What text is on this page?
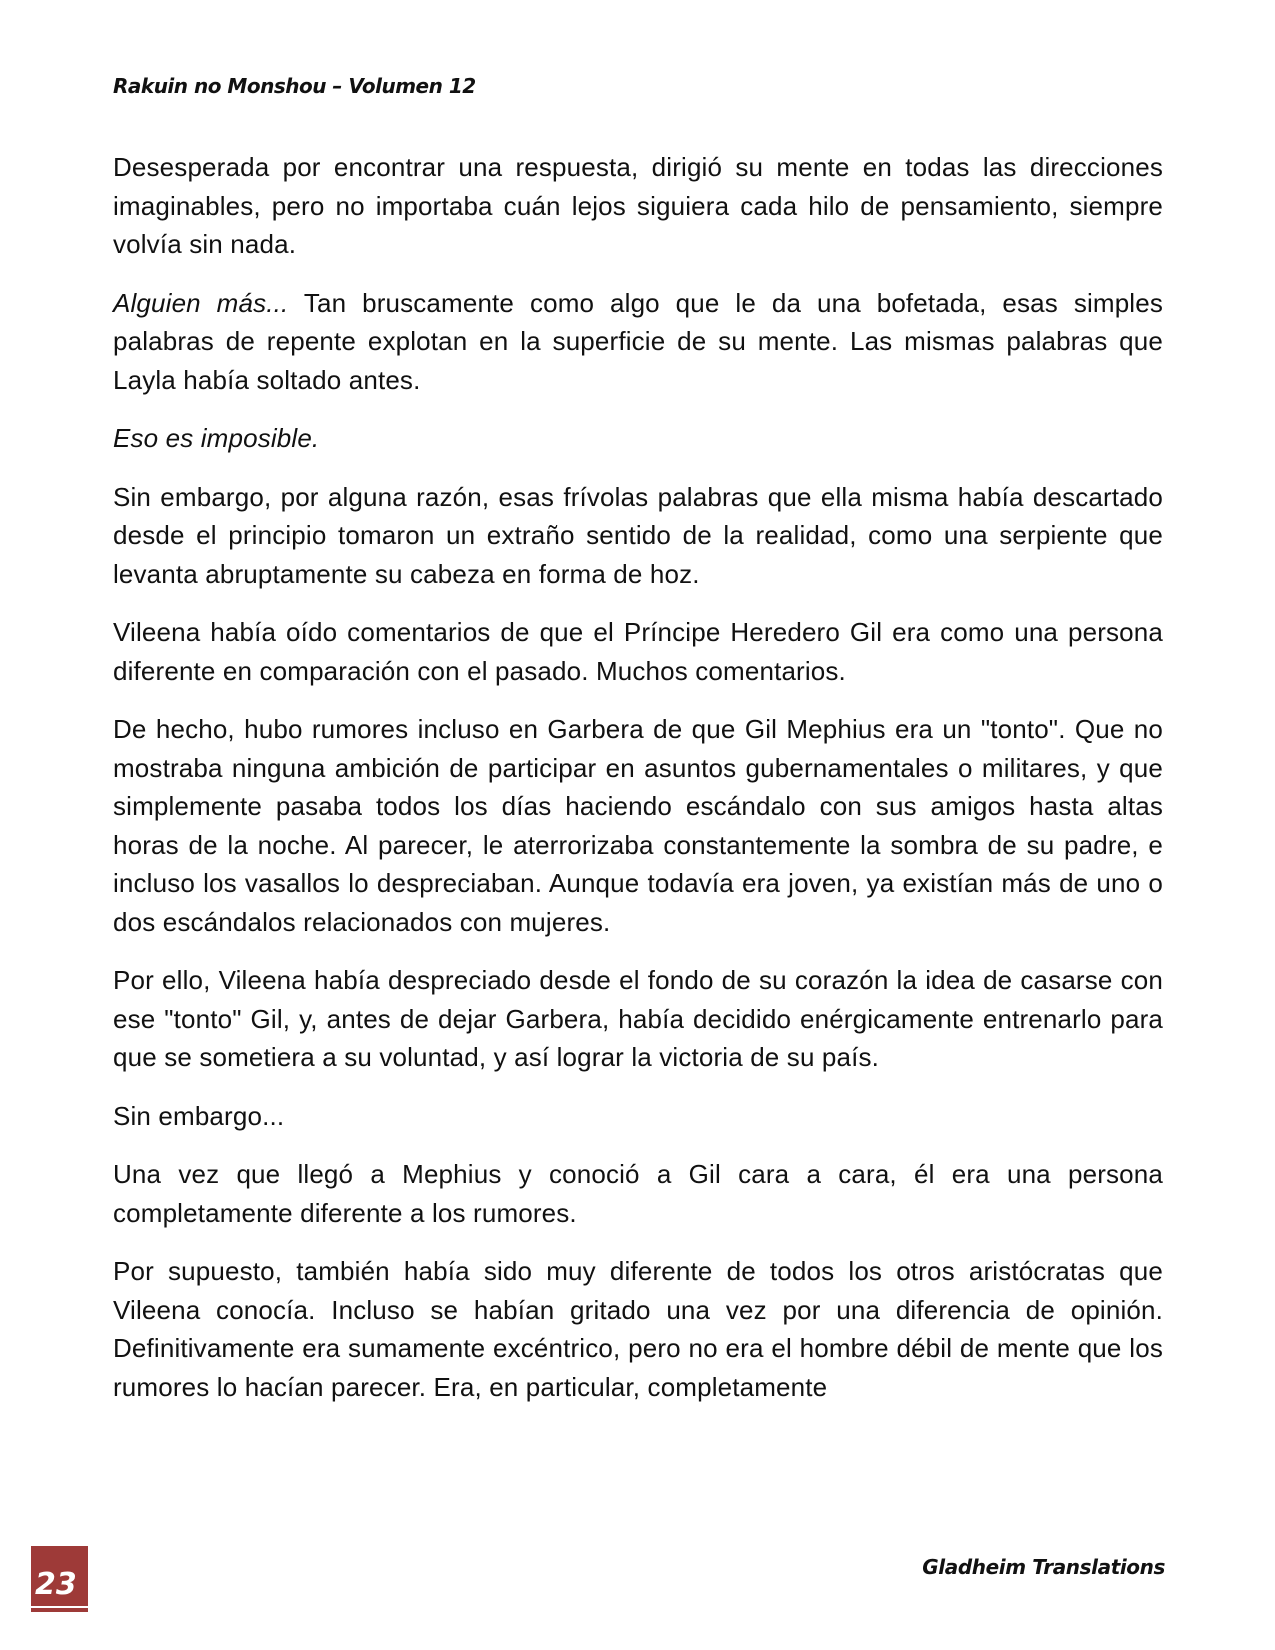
Rakuin no Monshou – Volumen 12

Desesperada por encontrar una respuesta, dirigió su mente en todas las direcciones imaginables, pero no importaba cuán lejos siguiera cada hilo de pensamiento, siempre volvía sin nada.

Alguien más... Tan bruscamente como algo que le da una bofetada, esas simples palabras de repente explotan en la superficie de su mente. Las mismas palabras que Layla había soltado antes.

Eso es imposible.

Sin embargo, por alguna razón, esas frívolas palabras que ella misma había descartado desde el principio tomaron un extraño sentido de la realidad, como una serpiente que levanta abruptamente su cabeza en forma de hoz.

Vileena había oído comentarios de que el Príncipe Heredero Gil era como una persona diferente en comparación con el pasado. Muchos comentarios.

De hecho, hubo rumores incluso en Garbera de que Gil Mephius era un "tonto". Que no mostraba ninguna ambición de participar en asuntos gubernamentales o militares, y que simplemente pasaba todos los días haciendo escándalo con sus amigos hasta altas horas de la noche. Al parecer, le aterrorizaba constantemente la sombra de su padre, e incluso los vasallos lo despreciaban. Aunque todavía era joven, ya existían más de uno o dos escándalos relacionados con mujeres.

Por ello, Vileena había despreciado desde el fondo de su corazón la idea de casarse con ese "tonto" Gil, y, antes de dejar Garbera, había decidido enérgicamente entrenarlo para que se sometiera a su voluntad, y así lograr la victoria de su país.

Sin embargo...

Una vez que llegó a Mephius y conoció a Gil cara a cara, él era una persona completamente diferente a los rumores.

Por supuesto, también había sido muy diferente de todos los otros aristócratas que Vileena conocía. Incluso se habían gritado una vez por una diferencia de opinión. Definitivamente era sumamente excéntrico, pero no era el hombre débil de mente que los rumores lo hacían parecer. Era, en particular, completamente

23	Gladheim Translations
